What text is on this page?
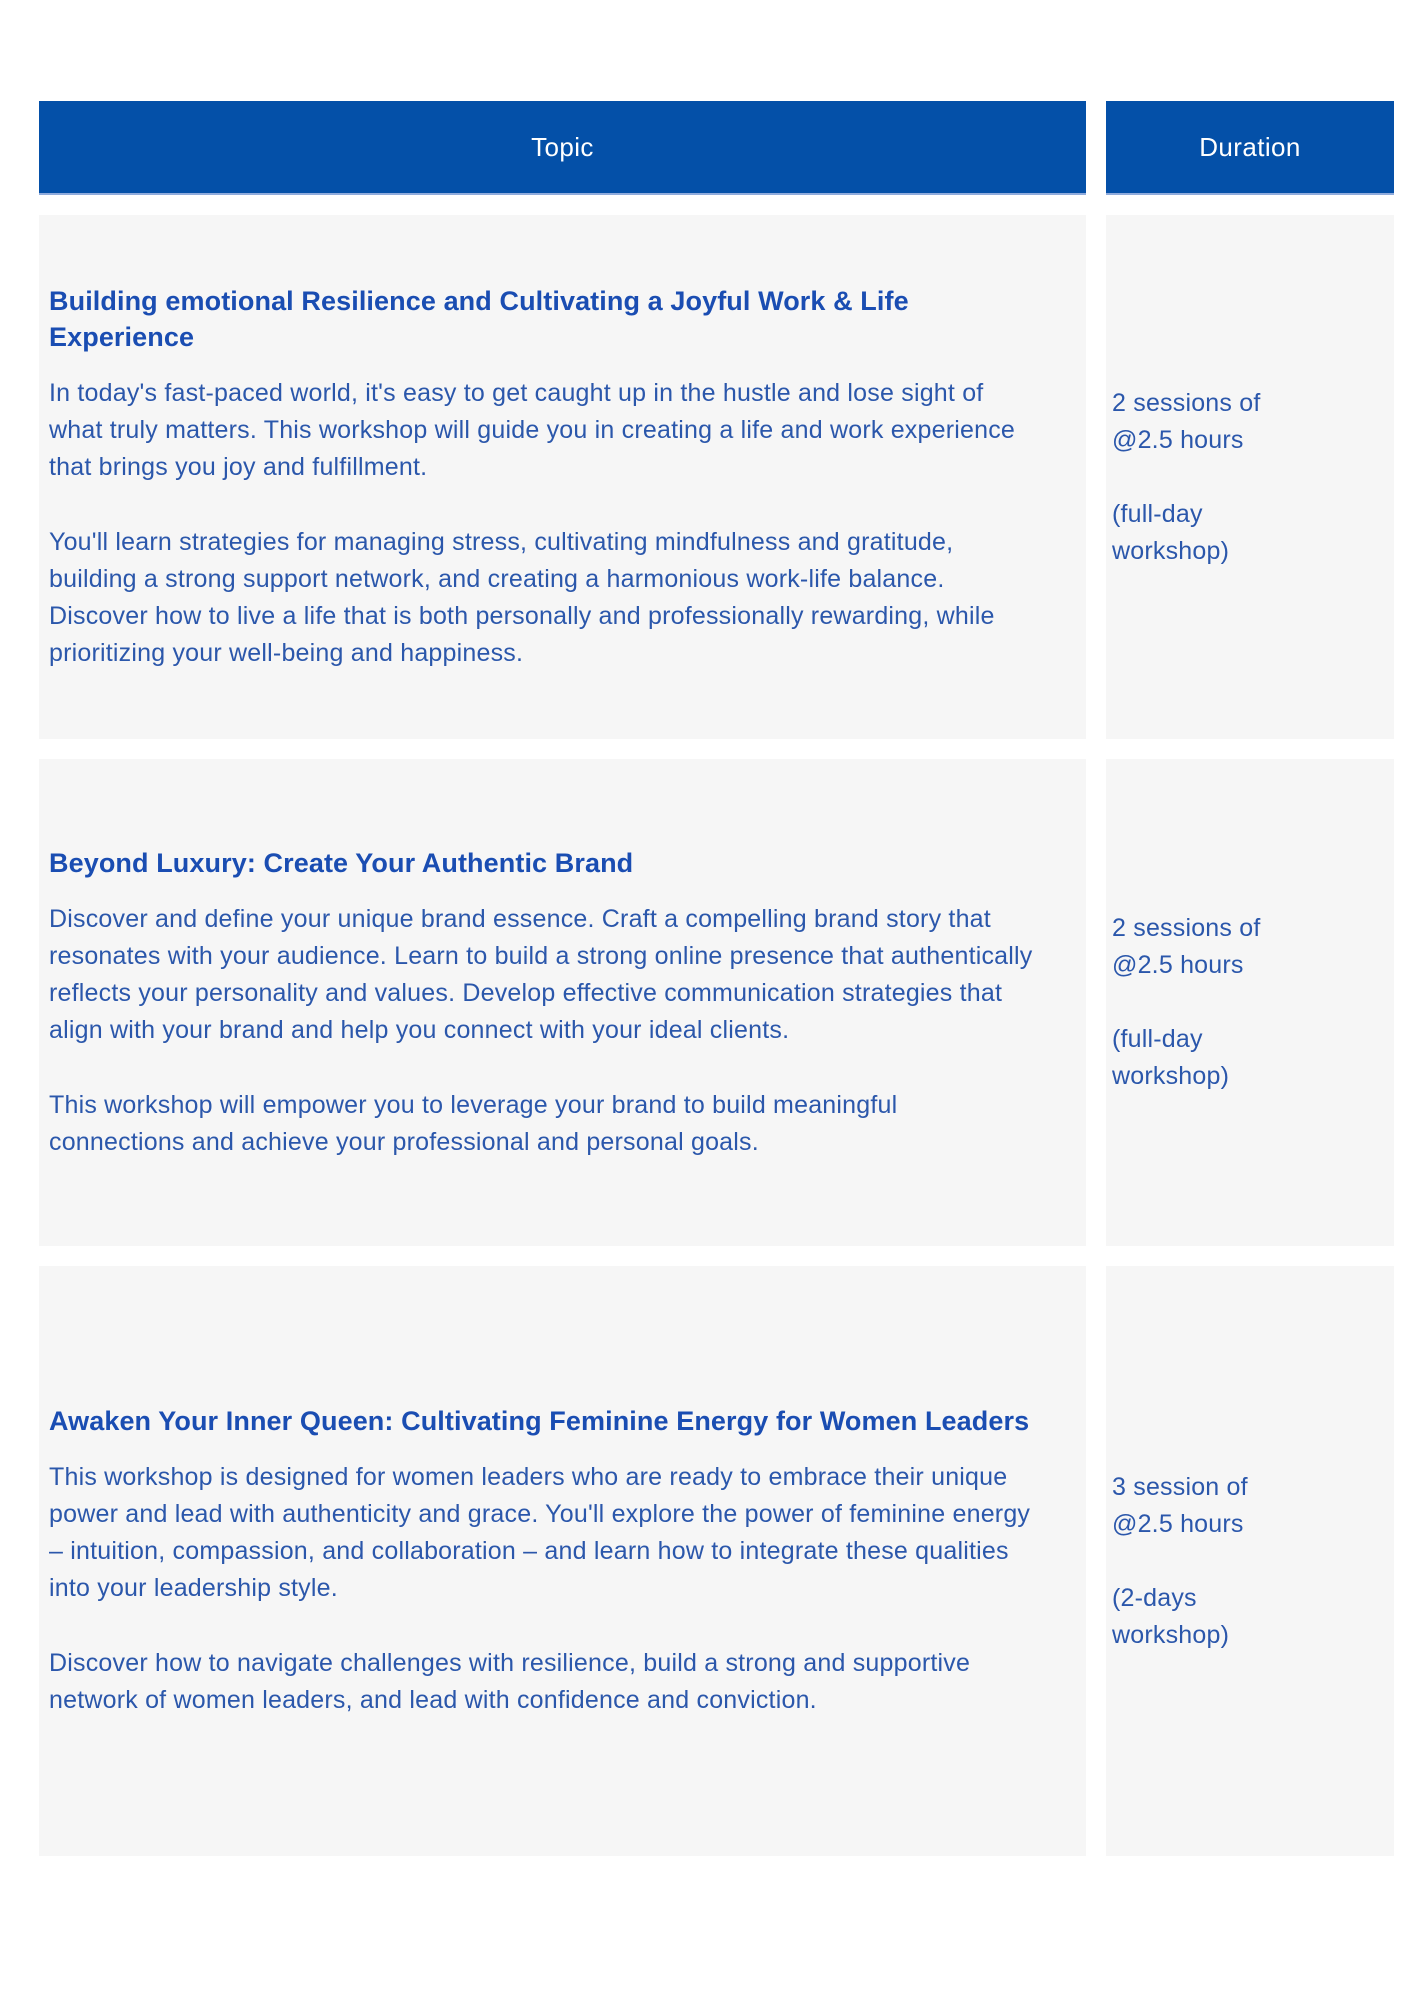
Topic	Duration
Building emotional Resilience and Cultivating a Joyful Work & Life Experience

In today's fast-paced world, it's easy to get caught up in the hustle and lose sight of what truly matters. This workshop will guide you in creating a life and work experience that brings you joy and fulfillment.

You'll learn strategies for managing stress, cultivating mindfulness and gratitude, building a strong support network, and creating a harmonious work-life balance. Discover how to live a life that is both personally and professionally rewarding, while prioritizing your well-being and happiness.

2 sessions of @2.5 hours

(full-day workshop)

Beyond Luxury: Create Your Authentic Brand

Discover and define your unique brand essence. Craft a compelling brand story that resonates with your audience. Learn to build a strong online presence that authentically reflects your personality and values. Develop effective communication strategies that align with your brand and help you connect with your ideal clients.

This workshop will empower you to leverage your brand to build meaningful connections and achieve your professional and personal goals.

2 sessions of @2.5 hours

(full-day workshop)

Awaken Your Inner Queen: Cultivating Feminine Energy for Women Leaders

This workshop is designed for women leaders who are ready to embrace their unique power and lead with authenticity and grace. You'll explore the power of feminine energy – intuition, compassion, and collaboration – and learn how to integrate these qualities into your leadership style.

Discover how to navigate challenges with resilience, build a strong and supportive network of women leaders, and lead with confidence and conviction.

3 session of @2.5 hours

(2-days workshop)
